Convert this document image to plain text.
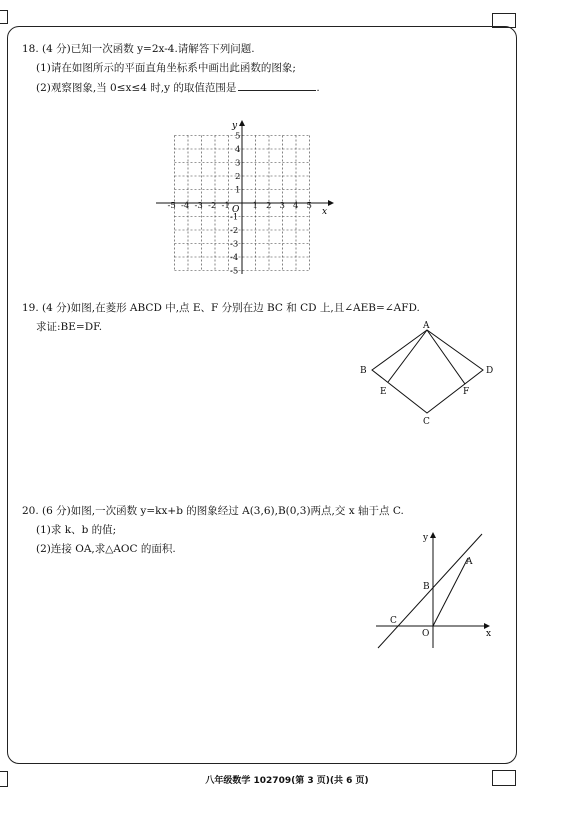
18. (4 分)已知一次函数 y=2x-4.请解答下列问题.
(1)请在如图所示的平面直角坐标系中画出此函数的图象;
(2)观察图象,当 0≤x≤4 时,y 的取值范围是	.
-5 -4 -3 -2 -1	1 2 3 4 5
5
4
3
2
1
-1
-2
-3
-4
-5
x
y
O
19. (4 分)如图,在菱形 ABCD 中,点 E、F 分别在边 BC 和 CD 上,且∠AEB=∠AFD.
求证:BE=DF.	A
B
C
D
E	F
20. (6 分)如图,一次函数 y=kx+b 的图象经过 A(3,6),B(0,3)两点,交 x 轴于点 C.
(1)求 k、b 的值;
(2)连接 OA,求△AOC 的面积.
y
x
A
B
C
O
八年级数学 102709(第 3 页)(共 6 页)
